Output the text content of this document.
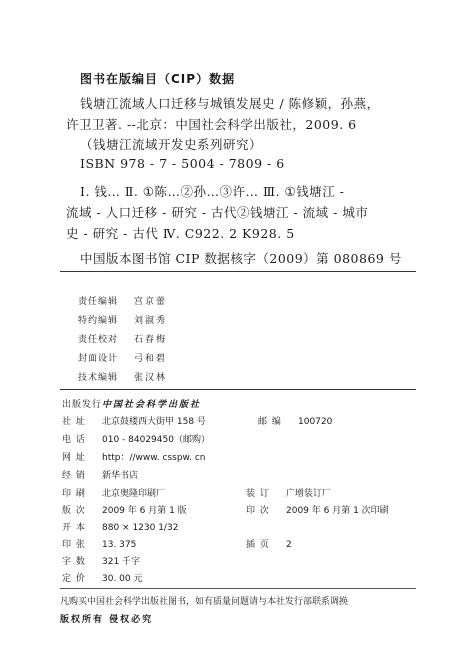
图书在版编目（CIP）数据
钱塘江流域人口迁移与城镇发展史 / 陈修颖，孙燕，
许卫卫著. --北京：中国社会科学出版社，2009. 6
（钱塘江流域开发史系列研究）
ISBN 978 - 7 - 5004 - 7809 - 6
Ⅰ. 钱… Ⅱ. ①陈…②孙…③许… Ⅲ. ①钱塘江 -
流域 - 人口迁移 - 研究 - 古代②钱塘江 - 流域 - 城市
史 - 研究 - 古代 Ⅳ. C922. 2 K928. 5
中国版本图书馆 CIP 数据核字（2009）第 080869 号
责任编辑 宫京蕾
特约编辑 刘淑秀
责任校对 石春梅
封面设计 弓和碧
技术编辑 张汉林
出版发行中国社会科学出版社
社 址 北京鼓楼西大街甲 158 号	邮 编 100720
电 话 010 - 84029450（邮购）
网 址 http：//www. csspw. cn
经 销 新华书店
印 刷 北京奥隆印刷厂	装 订 广增装订厂
版 次 2009 年 6 月第 1 版	印 次 2009 年 6 月第 1 次印刷
开 本 880 × 1230 1/32
印 张 13. 375	插 页 2
字 数 321 千字
定 价 30. 00 元
凡购买中国社会科学出版社图书，如有质量问题请与本社发行部联系调换
版权所有 侵权必究
